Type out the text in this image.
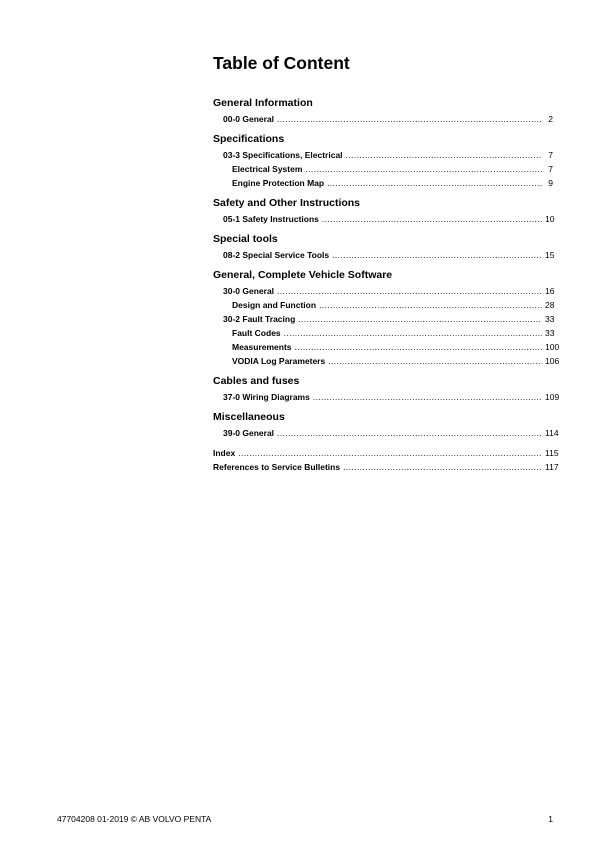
Table of Content
General Information
00-0 General .....	2
Specifications
03-3 Specifications, Electrical .....	7
Electrical System .....	7
Engine Protection Map .....	9
Safety and Other Instructions
05-1 Safety Instructions .....	10
Special tools
08-2 Special Service Tools .....	15
General, Complete Vehicle Software
30-0 General .....	16
Design and Function .....	28
30-2 Fault Tracing .....	33
Fault Codes .....	33
Measurements .....	100
VODIA Log Parameters .....	106
Cables and fuses
37-0 Wiring Diagrams .....	109
Miscellaneous
39-0 General .....	114
Index .....	115
References to Service Bulletins .....	117
47704208 01-2019 © AB VOLVO PENTA	1
